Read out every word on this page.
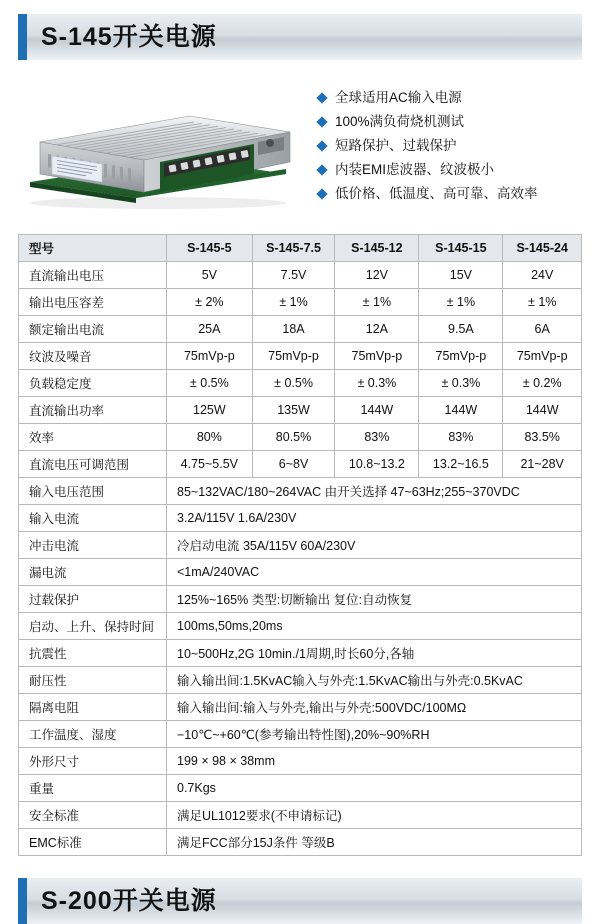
S-145开关电源
全球适用AC输入电源
100%满负荷烧机测试
短路保护、过载保护
内装EMI虑波器、纹波极小
低价格、低温度、高可靠、高效率
型号	S-145-5	S-145-7.5	S-145-12	S-145-15	S-145-24
直流输出电压	5V	7.5V	12V	15V	24V
输出电压容差	± 2%	± 1%	± 1%	± 1%	± 1%
额定输出电流	25A	18A	12A	9.5A	6A
纹波及噪音	75mVp-p	75mVp-p	75mVp-p	75mVp-p	75mVp-p
负载稳定度	± 0.5%	± 0.5%	± 0.3%	± 0.3%	± 0.2%
直流输出功率	125W	135W	144W	144W	144W
效率	80%	80.5%	83%	83%	83.5%
直流电压可调范围	4.75~5.5V	6~8V	10.8~13.2	13.2~16.5	21~28V
输入电压范围	85~132VAC/180~264VAC 由开关选择 47~63Hz;255~370VDC				
输入电流	3.2A/115V 1.6A/230V				
冲击电流	冷启动电流 35A/115V 60A/230V				
漏电流	<1mA/240VAC				
过载保护	125%~165% 类型:切断输出 复位:自动恢复				
启动、上升、保持时间	100ms,50ms,20ms				
抗震性	10~500Hz,2G 10min./1周期,时长60分,各轴				
耐压性	输入输出间:1.5KvAC输入与外壳:1.5KvAC输出与外壳:0.5KvAC				
隔离电阻	输入输出间:输入与外壳,输出与外壳:500VDC/100MΩ				
工作温度、湿度	−10℃~+60℃(参考输出特性图),20%~90%RH				
外形尺寸	199 × 98 × 38mm				
重量	0.7Kgs				
安全标准	满足UL1012要求(不申请标记)				
EMC标准	满足FCC部分15J条件 等级B				
S-200开关电源
